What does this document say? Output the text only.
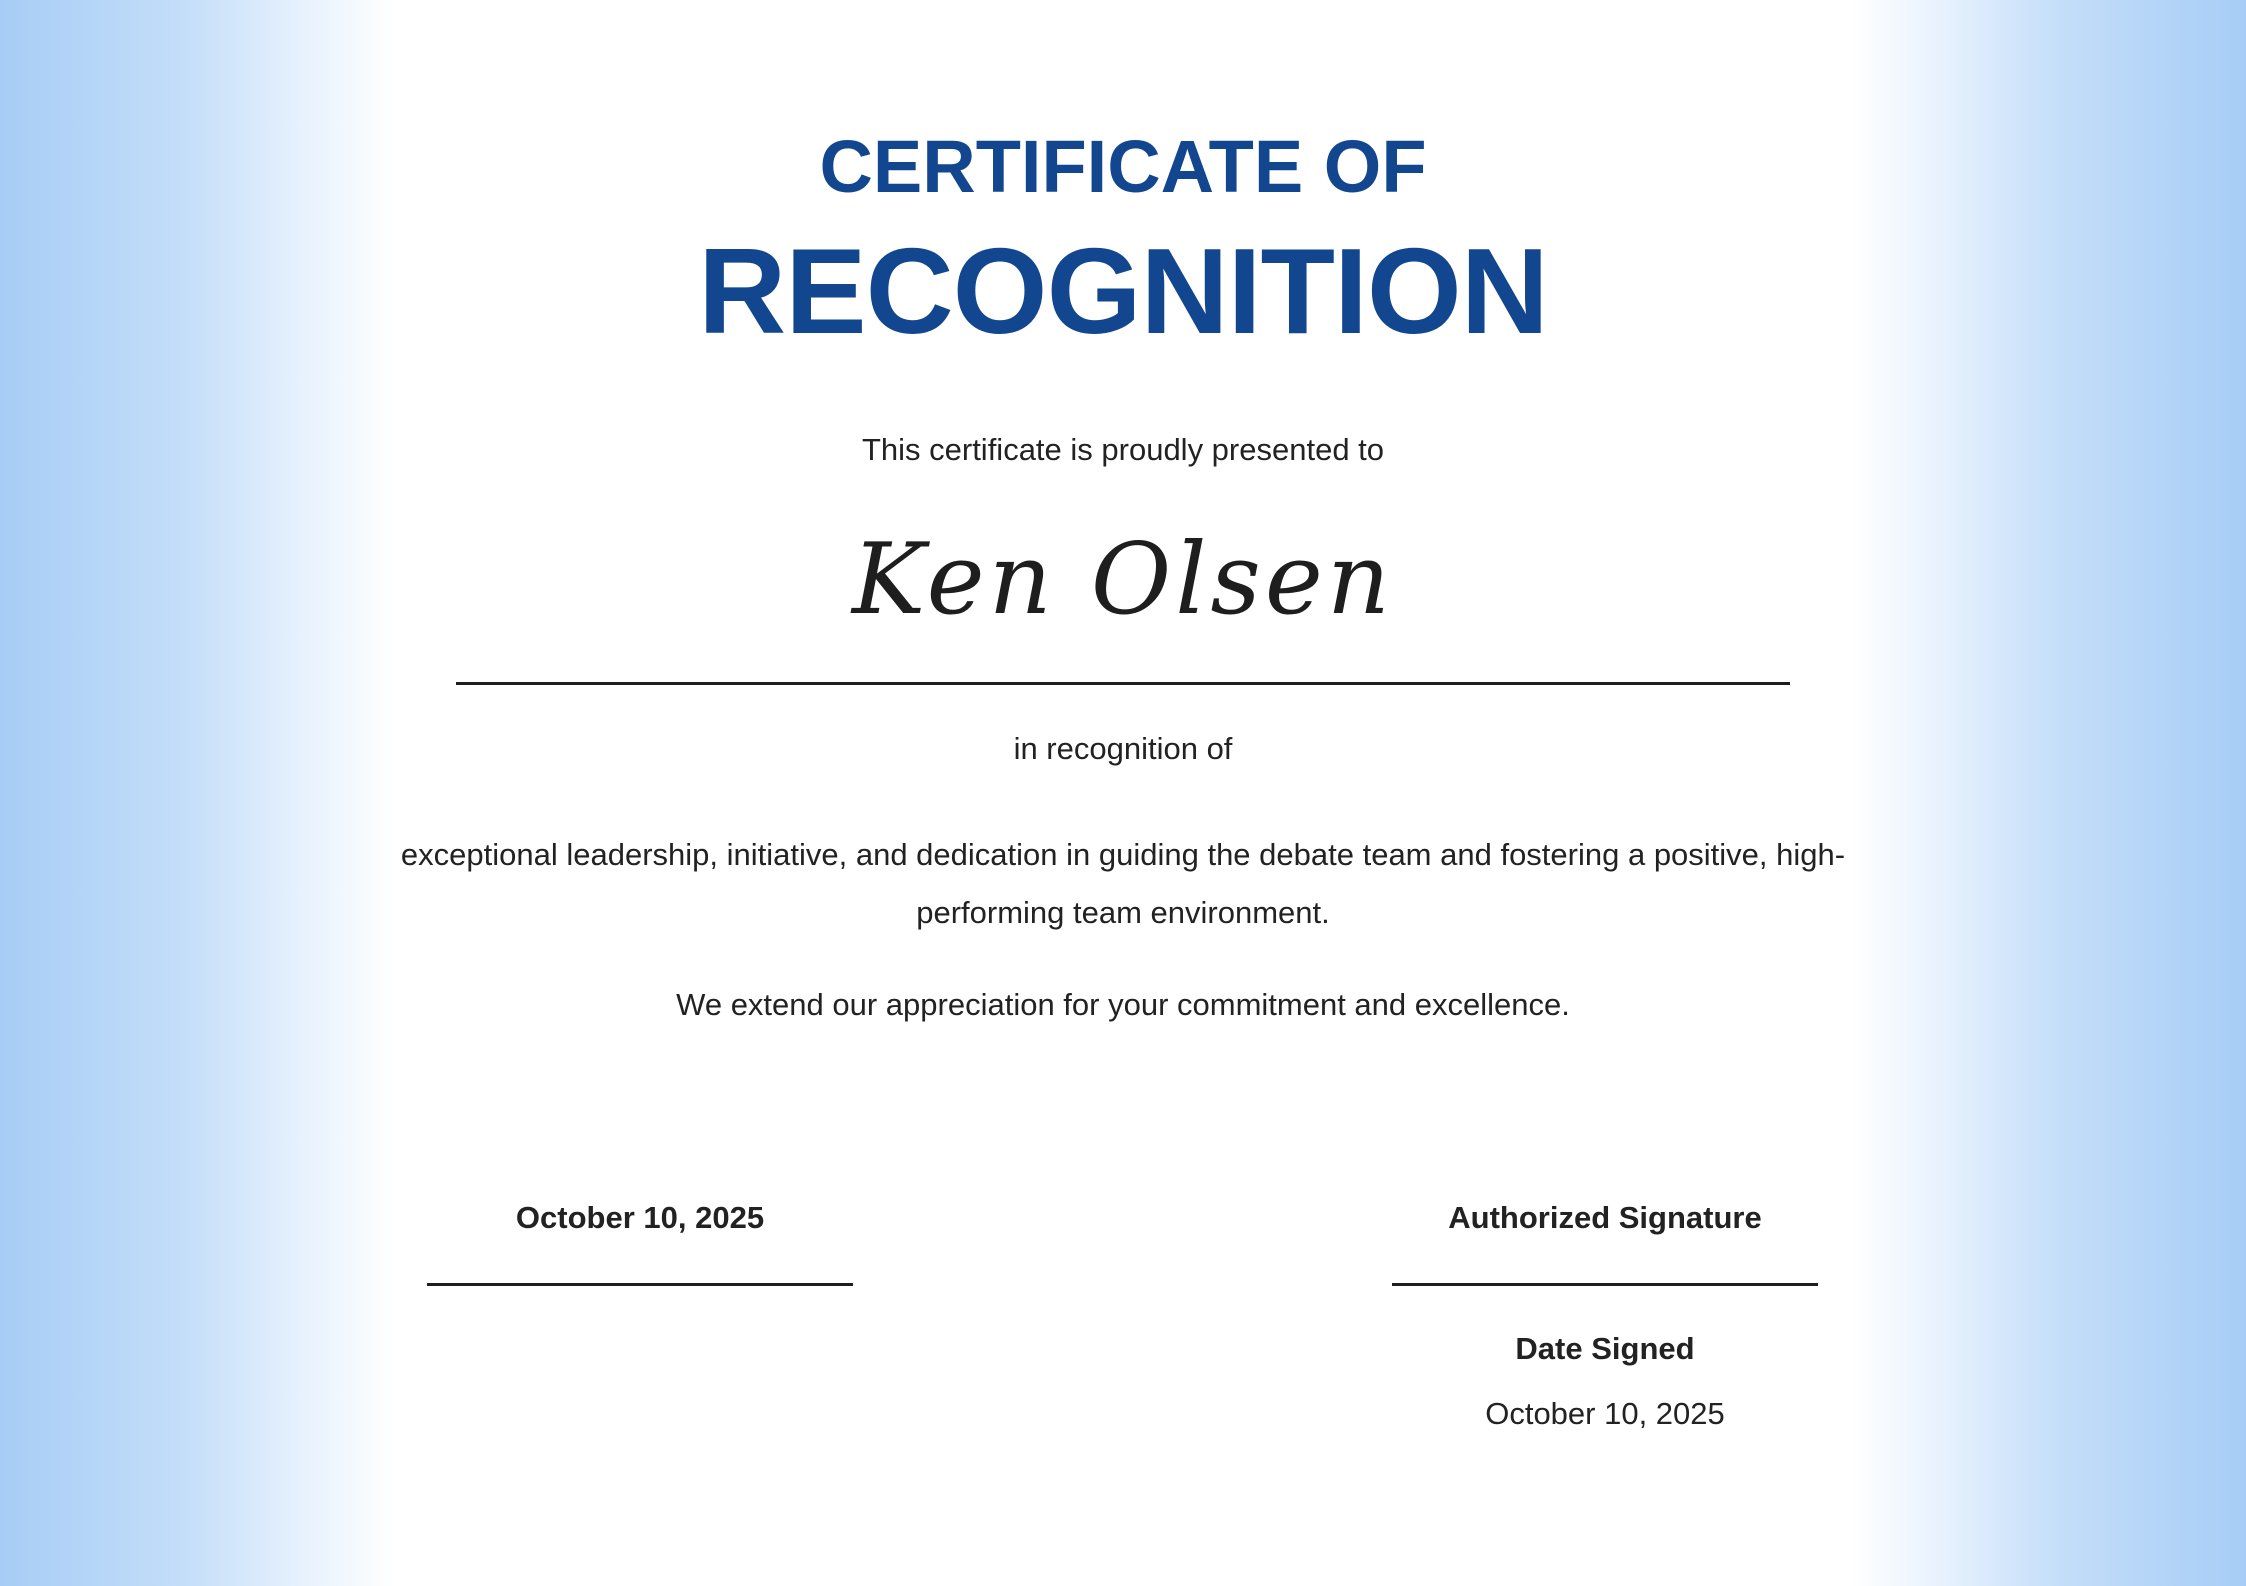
CERTIFICATE OF
RECOGNITION
This certificate is proudly presented to
Ken Olsen
in recognition of
exceptional leadership, initiative, and dedication in guiding the debate team and fostering a positive, high-performing team environment.
We extend our appreciation for your commitment and excellence.
October 10, 2025	Authorized Signature
Date Signed
October 10, 2025
